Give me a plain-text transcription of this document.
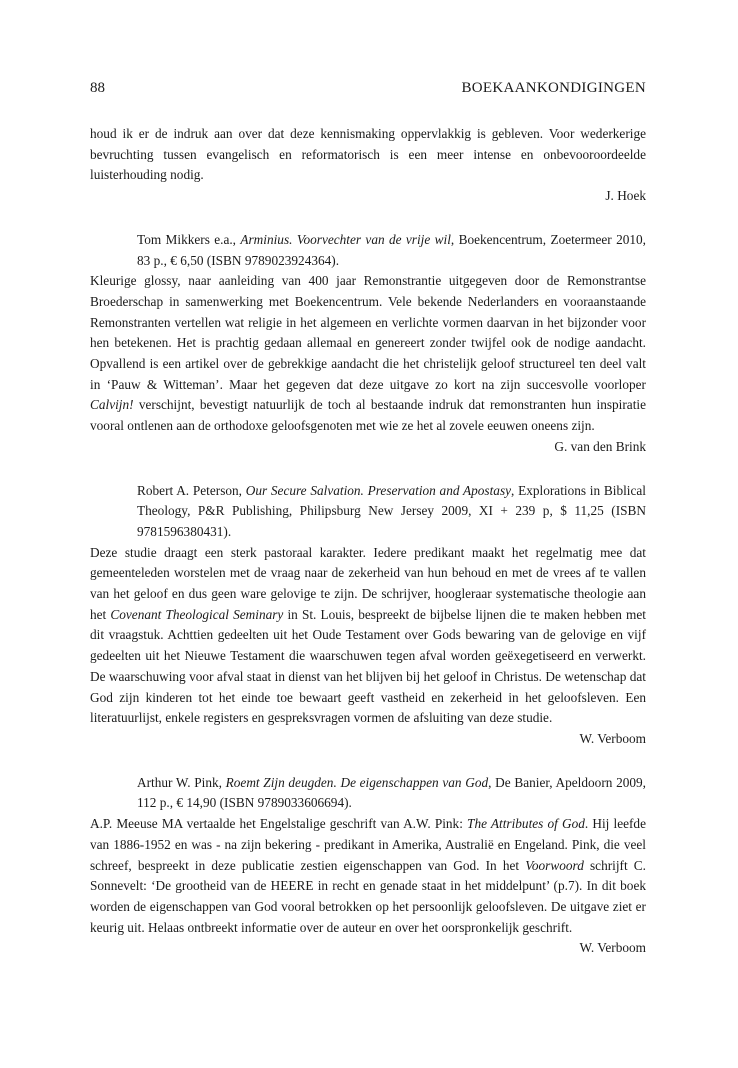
88	BOEKAANKONDIGINGEN

houd ik er de indruk aan over dat deze kennismaking oppervlakkig is gebleven. Voor wederkerige bevruchting tussen evangelisch en reformatorisch is een meer intense en onbevooroordeelde luisterhouding nodig.

J. Hoek

Tom Mikkers e.a., Arminius. Voorvechter van de vrije wil, Boekencentrum, Zoetermeer 2010, 83 p., € 6,50 (ISBN 9789023924364).

Kleurige glossy, naar aanleiding van 400 jaar Remonstrantie uitgegeven door de Remonstrantse Broederschap in samenwerking met Boekencentrum. Vele bekende Nederlanders en vooraanstaande Remonstranten vertellen wat religie in het algemeen en verlichte vormen daarvan in het bijzonder voor hen betekenen. Het is prachtig gedaan allemaal en genereert zonder twijfel ook de nodige aandacht. Opvallend is een artikel over de gebrekkige aandacht die het christelijk geloof structureel ten deel valt in ‘Pauw & Witteman’. Maar het gegeven dat deze uitgave zo kort na zijn succesvolle voorloper Calvijn! verschijnt, bevestigt natuurlijk de toch al bestaande indruk dat remonstranten hun inspiratie vooral ontlenen aan de orthodoxe geloofsgenoten met wie ze het al zovele eeuwen oneens zijn.

G. van den Brink

Robert A. Peterson, Our Secure Salvation. Preservation and Apostasy, Explorations in Biblical Theology, P&R Publishing, Philipsburg New Jersey 2009, XI + 239 p, $ 11,25 (ISBN 9781596380431).

Deze studie draagt een sterk pastoraal karakter. Iedere predikant maakt het regelmatig mee dat gemeenteleden worstelen met de vraag naar de zekerheid van hun behoud en met de vrees af te vallen van het geloof en dus geen ware gelovige te zijn. De schrijver, hoogleraar systematische theologie aan het Covenant Theological Seminary in St. Louis, bespreekt de bijbelse lijnen die te maken hebben met dit vraagstuk. Achttien gedeelten uit het Oude Testament over Gods bewaring van de gelovige en vijf gedeelten uit het Nieuwe Testament die waarschuwen tegen afval worden geëxegetiseerd en verwerkt. De waarschuwing voor afval staat in dienst van het blijven bij het geloof in Christus. De wetenschap dat God zijn kinderen tot het einde toe bewaart geeft vastheid en zekerheid in het geloofsleven. Een literatuurlijst, enkele registers en gespreksvragen vormen de afsluiting van deze studie.

W. Verboom

Arthur W. Pink, Roemt Zijn deugden. De eigenschappen van God, De Banier, Apeldoorn 2009, 112 p., € 14,90 (ISBN 9789033606694).

A.P. Meeuse MA vertaalde het Engelstalige geschrift van A.W. Pink: The Attributes of God. Hij leefde van 1886-1952 en was - na zijn bekering - predikant in Amerika, Australië en Engeland. Pink, die veel schreef, bespreekt in deze publicatie zestien eigenschappen van God. In het Voorwoord schrijft C. Sonnevelt: ‘De grootheid van de HEERE in recht en genade staat in het middelpunt’ (p.7). In dit boek worden de eigenschappen van God vooral betrokken op het persoonlijk geloofsleven. De uitgave ziet er keurig uit. Helaas ontbreekt informatie over de auteur en over het oorspronkelijk geschrift.

W. Verboom
